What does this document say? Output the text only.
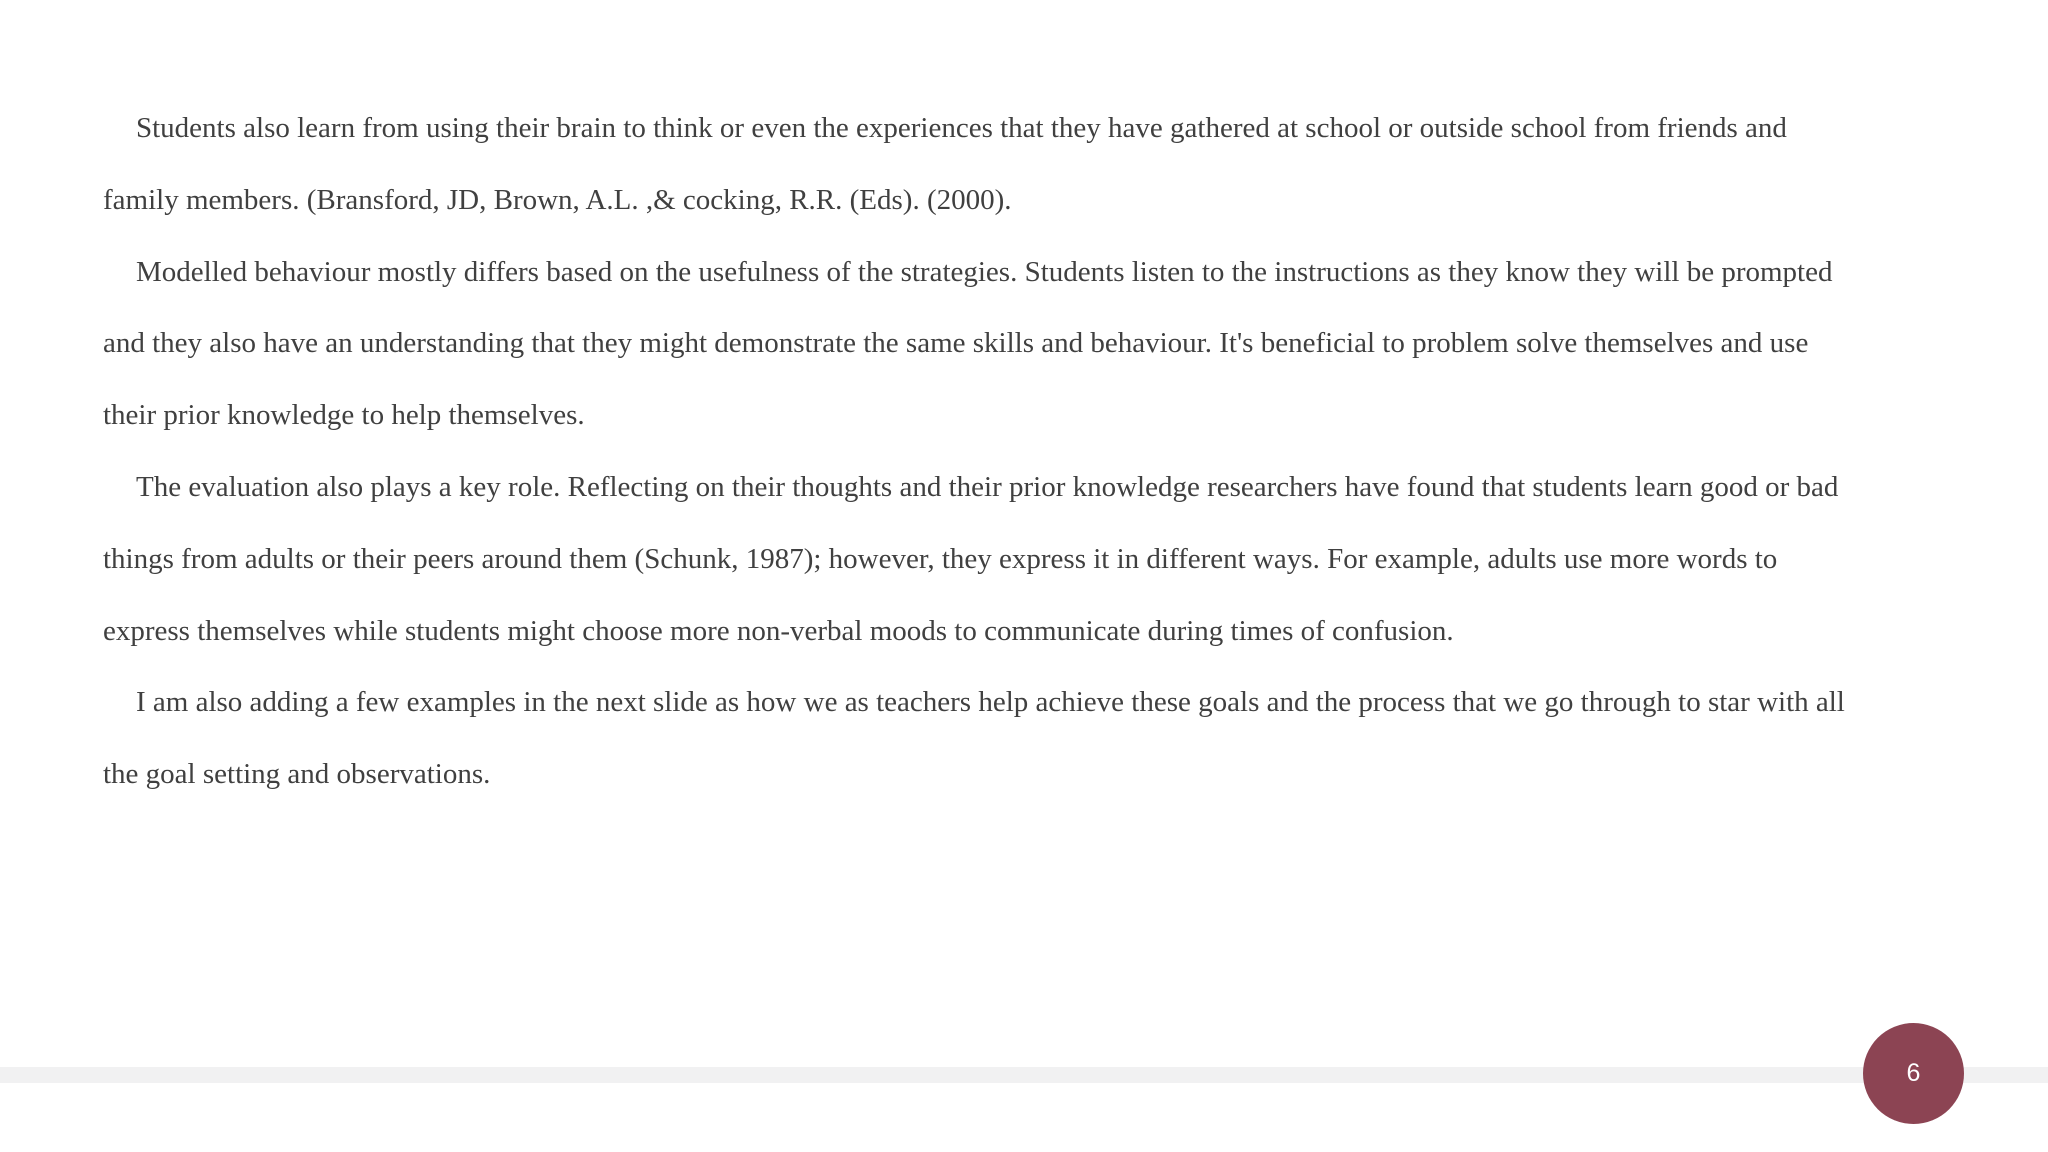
Students also learn from using their brain to think or even the experiences that they have gathered at school or outside school from friends and
family members. (Bransford, JD, Brown, A.L. ,& cocking, R.R. (Eds). (2000).

Modelled behaviour mostly differs based on the usefulness of the strategies. Students listen to the instructions as they know they will be prompted
and they also have an understanding that they might demonstrate the same skills and behaviour. It's beneficial to problem solve themselves and use
their prior knowledge to help themselves.

The evaluation also plays a key role. Reflecting on their thoughts and their prior knowledge researchers have found that students learn good or bad
things from adults or their peers around them (Schunk, 1987); however, they express it in different ways. For example, adults use more words to
express themselves while students might choose more non-verbal moods to communicate during times of confusion.

I am also adding a few examples in the next slide as how we as teachers help achieve these goals and the process that we go through to star with all
the goal setting and observations.

6
